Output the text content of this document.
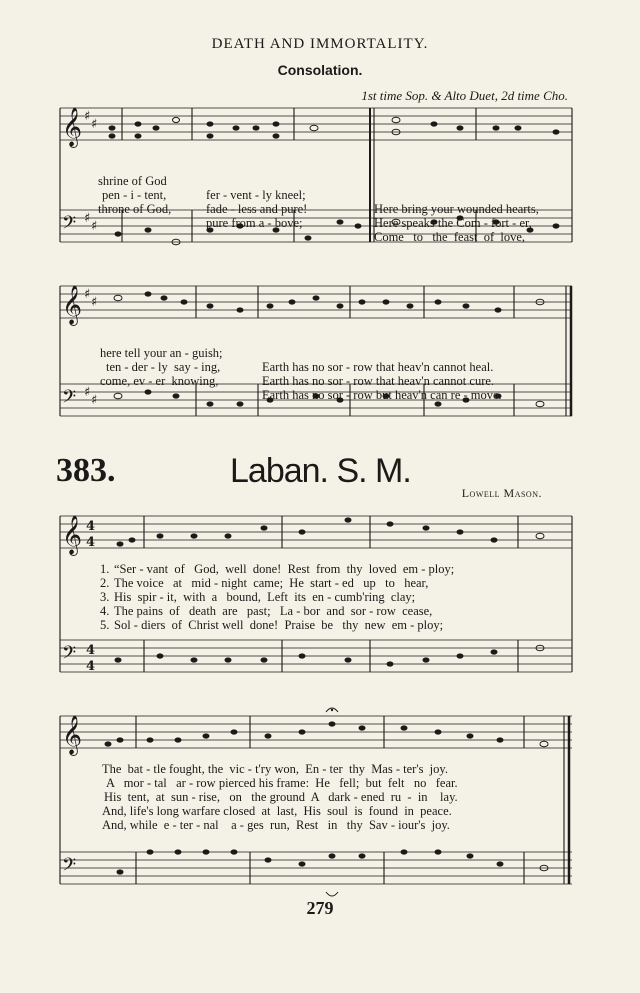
DEATH AND IMMORTALITY.
Consolation.
1st time Sop. & Alto Duet, 2d time Cho.
𝄞
𝄢
♯
♯
♯
♯
𝄞
𝄢
♯
♯
♯
♯
𝄞
𝄢
4
4
4
4
𝄞
𝄢

shrine of God

fer - vent - ly kneel;

Here bring your wounded hearts,

pen - i - tent,

fade - less and pure!

Here speaks the Com - fort - er,

throne of God,

pure from a - bove;

Come   to   the  feast  of  love,

here tell your an - guish;

Earth has no sor - row that heav'n cannot heal.

ten - der - ly  say - ing,

Earth has no sor - row that heav'n cannot cure.

come, ev - er  knowing,

Earth has no sor - row but heav'n can re - move.

383.	Laban. S. M.
Lowell Mason.
1. “Ser - vant  of   God,  well  done!  Rest  from  thy  loved  em - ploy;
2. The voice   at   mid - night  came;  He  start - ed   up   to   hear,
3. His  spir - it,  with  a   bound,  Left  its  en - cumb'ring  clay;
4. The pains  of   death  are   past;   La - bor  and  sor - row  cease,
5. Sol - diers  of  Christ well  done!  Praise  be   thy  new  em - ploy;
The  bat - tle fought, the  vic - t'ry won,  En - ter  thy  Mas - ter's  joy.
A   mor - tal   ar - row pierced his frame:  He   fell;  but  felt   no   fear.
His  tent,  at  sun - rise,   on   the ground  A   dark - ened  ru  -  in    lay.
And, life's long warfare closed  at  last,  His  soul  is  found  in  peace.
And, while  e - ter - nal    a - ges  run,  Rest   in   thy  Sav - iour's  joy.
279
